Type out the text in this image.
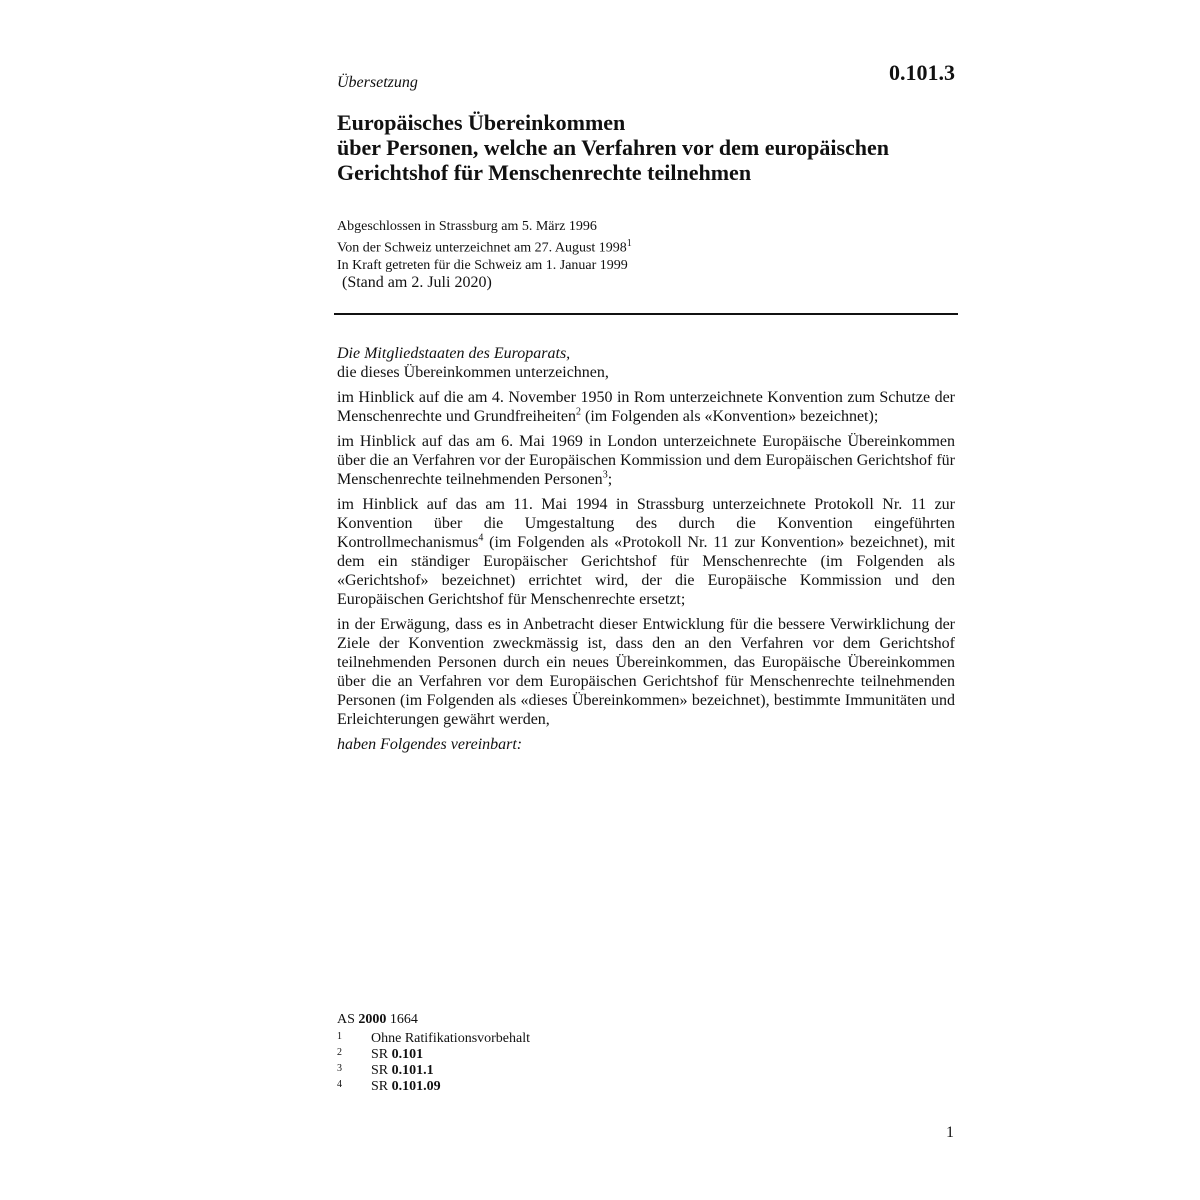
Übersetzung	0.101.3
Europäisches Übereinkommen
über Personen, welche an Verfahren vor dem europäischen
Gerichtshof für Menschenrechte teilnehmen
Abgeschlossen in Strassburg am 5. März 1996
Von der Schweiz unterzeichnet am 27. August 1998$^1$
In Kraft getreten für die Schweiz am 1. Januar 1999
(Stand am 2. Juli 2020)

Die Mitgliedstaaten des Europarats,

die dieses Übereinkommen unterzeichnen,

im Hinblick auf die am 4. November 1950 in Rom unterzeichnete Konvention zum Schutze der Menschenrechte und Grundfreiheiten$^2$ (im Folgenden als «Konvention» bezeichnet);

im Hinblick auf das am 6. Mai 1969 in London unterzeichnete Europäische Übereinkommen über die an Verfahren vor der Europäischen Kommission und dem Europäischen Gerichtshof für Menschenrechte teilnehmenden Personen$^3$;

im Hinblick auf das am 11. Mai 1994 in Strassburg unterzeichnete Protokoll Nr. 11 zur Konvention über die Umgestaltung des durch die Konvention eingeführten Kontrollmechanismus$^4$ (im Folgenden als «Protokoll Nr. 11 zur Konvention» bezeichnet), mit dem ein ständiger Europäischer Gerichtshof für Menschenrechte (im Folgenden als «Gerichtshof» bezeichnet) errichtet wird, der die Europäische Kommission und den Europäischen Gerichtshof für Menschenrechte ersetzt;

in der Erwägung, dass es in Anbetracht dieser Entwicklung für die bessere Verwirklichung der Ziele der Konvention zweckmässig ist, dass den an den Verfahren vor dem Gerichtshof teilnehmenden Personen durch ein neues Übereinkommen, das Europäische Übereinkommen über die an Verfahren vor dem Europäischen Gerichtshof für Menschenrechte teilnehmenden Personen (im Folgenden als «dieses Übereinkommen» bezeichnet), bestimmte Immunitäten und Erleichterungen gewährt werden,

haben Folgendes vereinbart:

AS 2000 1664
1	Ohne Ratifikationsvorbehalt
2	SR 0.101
3	SR 0.101.1
4	SR 0.101.09
1
